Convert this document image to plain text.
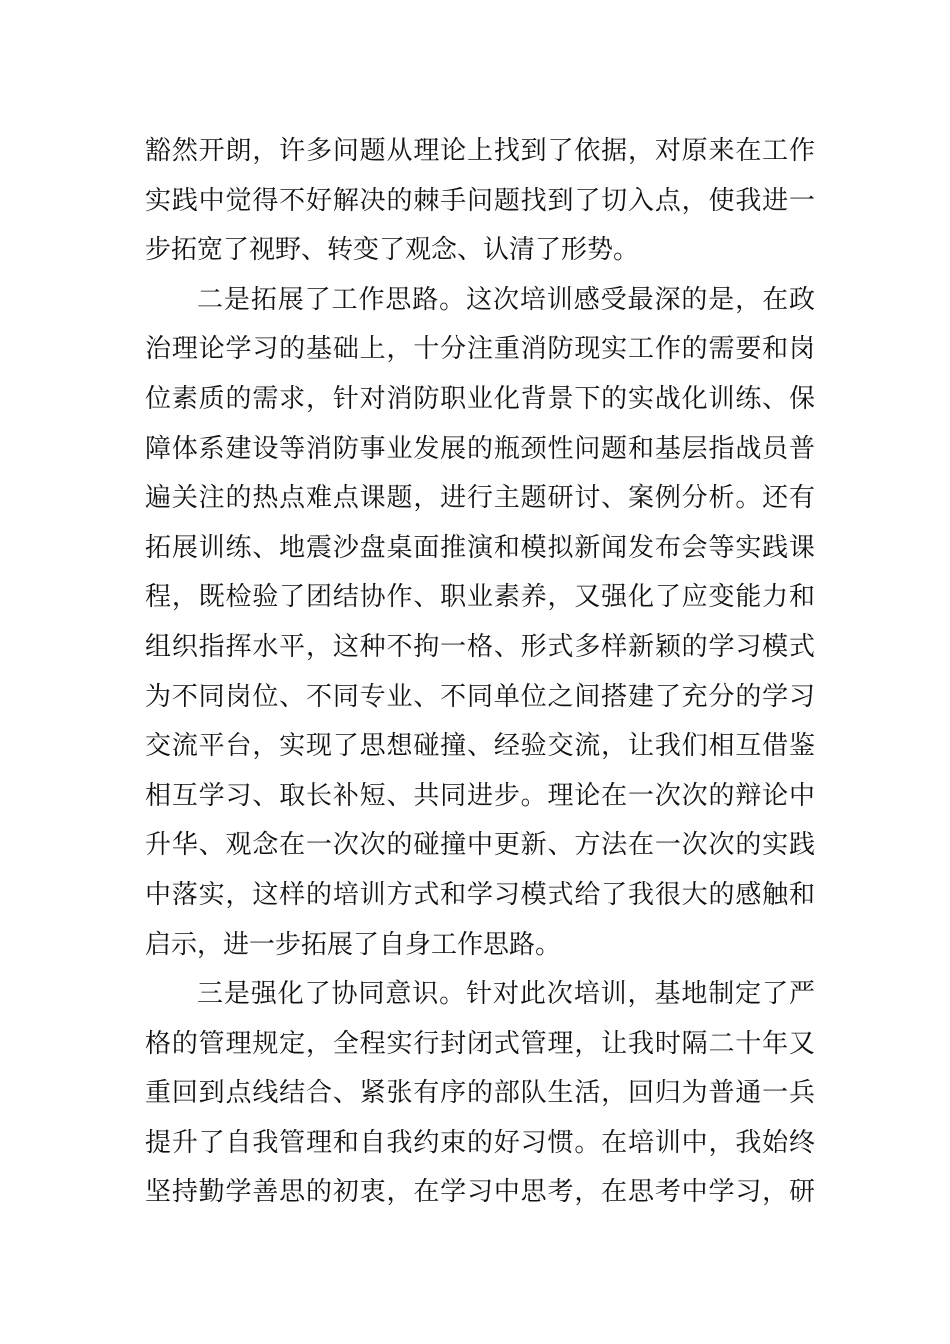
豁然开朗，许多问题从理论上找到了依据，对原来在工作
实践中觉得不好解决的棘手问题找到了切入点，使我进一
步拓宽了视野、转变了观念、认清了形势。
二是拓展了工作思路。这次培训感受最深的是，在政
治理论学习的基础上，十分注重消防现实工作的需要和岗
位素质的需求，针对消防职业化背景下的实战化训练、保
障体系建设等消防事业发展的瓶颈性问题和基层指战员普
遍关注的热点难点课题，进行主题研讨、案例分析。还有
拓展训练、地震沙盘桌面推演和模拟新闻发布会等实践课
程，既检验了团结协作、职业素养，又强化了应变能力和
组织指挥水平，这种不拘一格、形式多样新颖的学习模式
为不同岗位、不同专业、不同单位之间搭建了充分的学习
交流平台，实现了思想碰撞、经验交流，让我们相互借鉴
相互学习、取长补短、共同进步。理论在一次次的辩论中
升华、观念在一次次的碰撞中更新、方法在一次次的实践
中落实，这样的培训方式和学习模式给了我很大的感触和
启示，进一步拓展了自身工作思路。
三是强化了协同意识。针对此次培训，基地制定了严
格的管理规定，全程实行封闭式管理，让我时隔二十年又
重回到点线结合、紧张有序的部队生活，回归为普通一兵
提升了自我管理和自我约束的好习惯。在培训中，我始终
坚持勤学善思的初衷，在学习中思考，在思考中学习，研
